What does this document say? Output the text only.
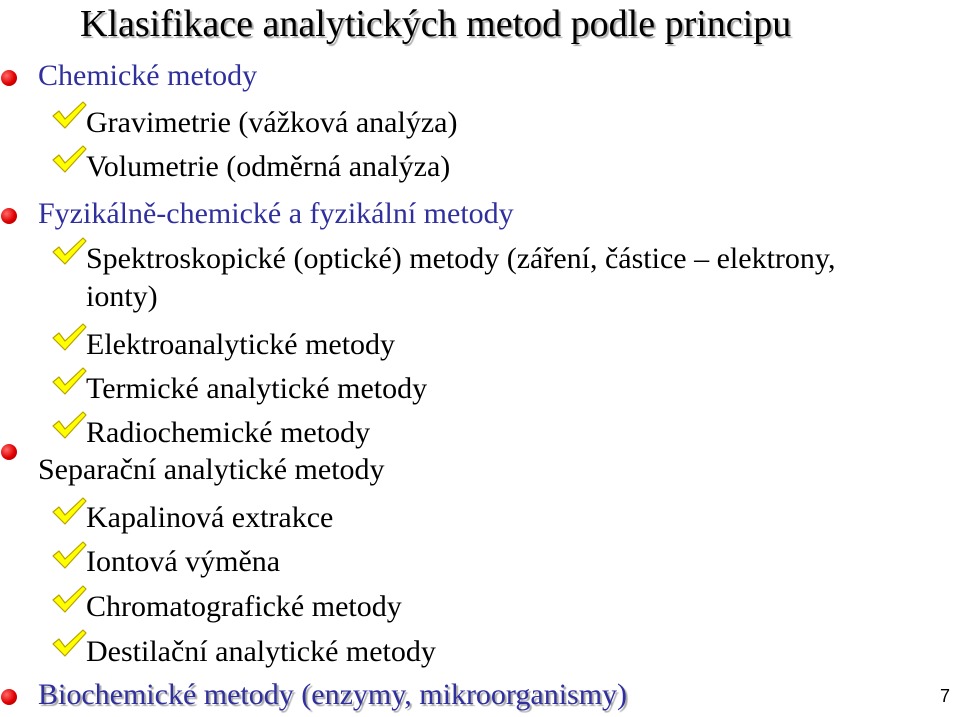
Klasifikace analytických metod podle principu
Chemické metody
Gravimetrie (vážková analýza)
Volumetrie (odměrná analýza)
Fyzikálně-chemické a fyzikální metody
Spektroskopické (optické) metody (záření, částice – elektrony,
ionty)
Elektroanalytické metody
Termické analytické metody
Radiochemické metody
Separační analytické metody
Kapalinová extrakce
Iontová výměna
Chromatografické metody
Destilační analytické metody
Biochemické metody (enzymy, mikroorganismy)	7
